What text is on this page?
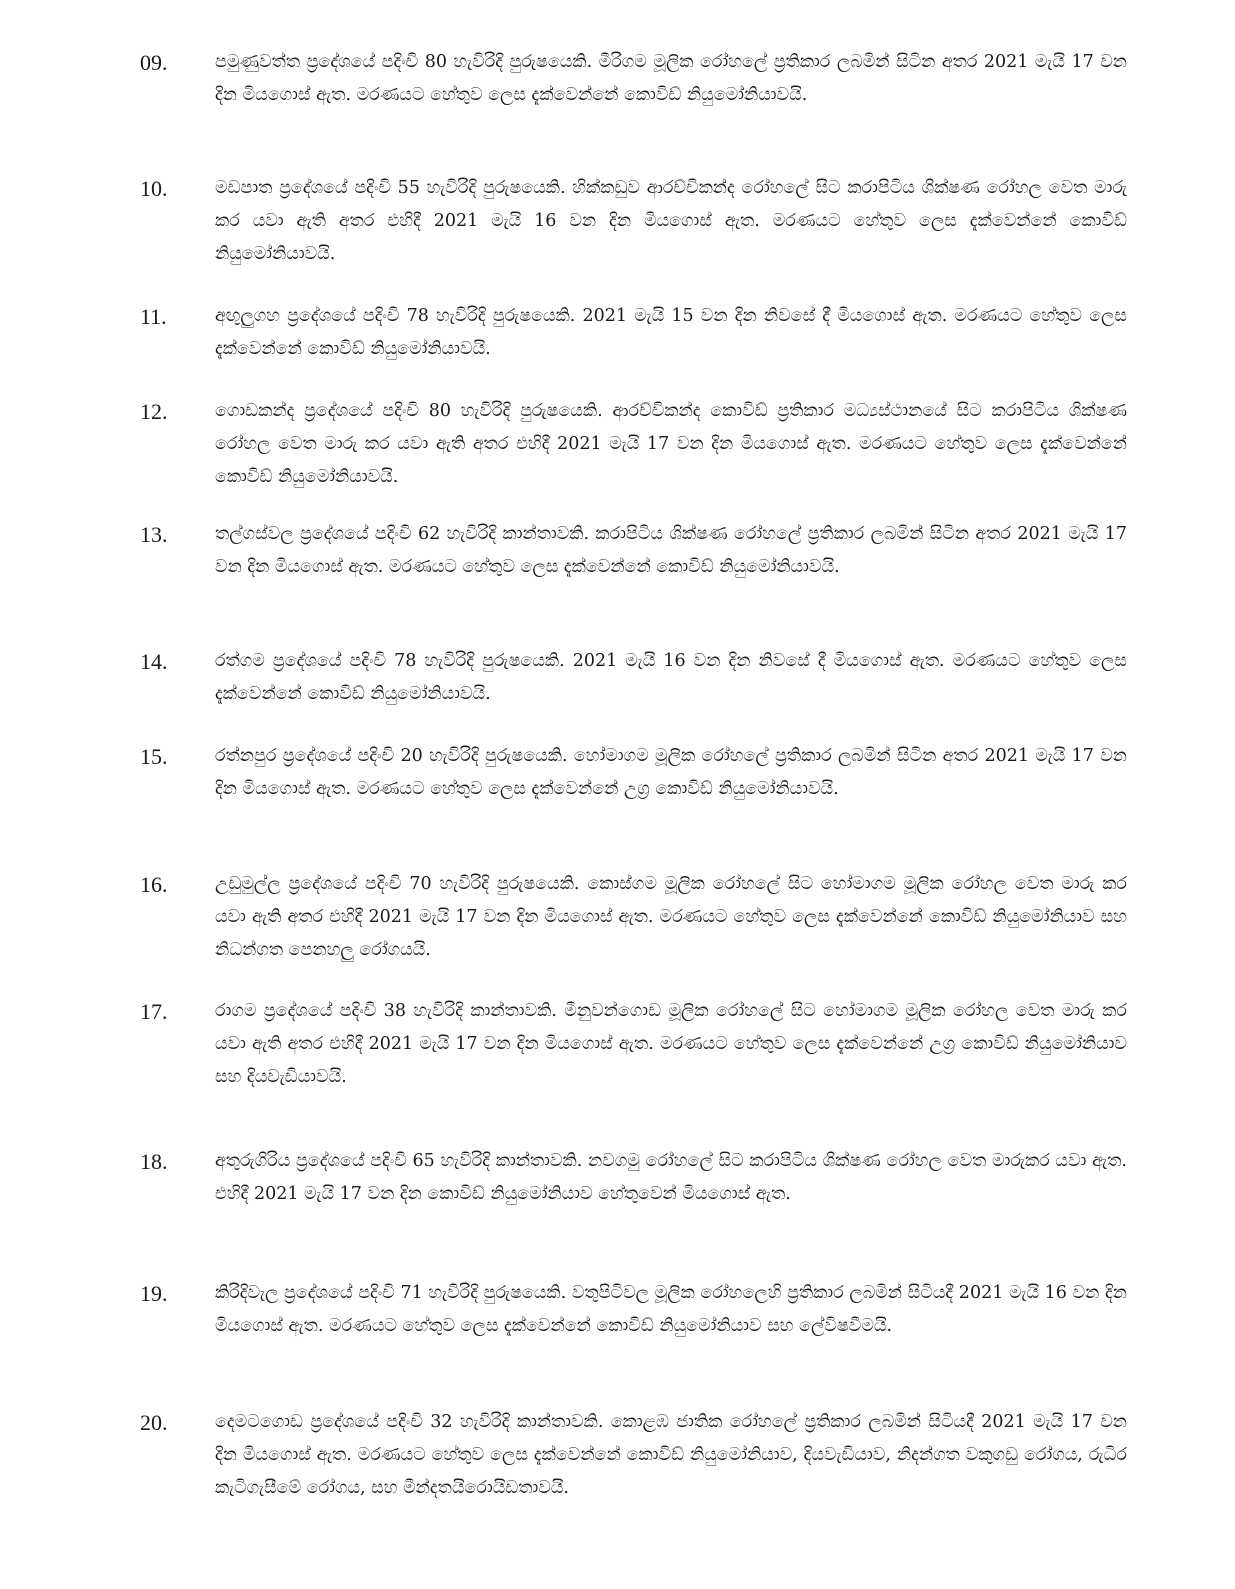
09.	පමුණුවත්ත ප්‍රදේශයේ පදිංචි 80 හැවිරිදි පුරුෂයෙකි. මීරිගම මූලික රෝහලේ ප්‍රතිකාර ලබමින් සිටින අතර 2021 මැයි 17 වන දින මියගොස් ඇත. මරණයට හේතුව ලෙස දැක්වෙන්නේ කොවිඩ් නියුමෝනියාවයි.
10.	මඩපාත ප්‍රදේශයේ පදිංචි 55 හැවිරිදි පුරුෂයෙකි. හික්කඩුව ආරච්චිකන්ද රෝහලේ සිට කරාපිටිය ශික්ෂණ රෝහල වෙත මාරු කර යවා ඇති අතර එහිදී 2021 මැයි 16 වන දින මියගොස් ඇත. මරණයට හේතුව ලෙස දැක්වෙන්නේ කොවිඩ් නියුමෝනියාවයි.
11.	අඟුලුගහ ප්‍රදේශයේ පදිංචි 78 හැවිරිදි පුරුෂයෙකි. 2021 මැයි 15 වන දින නිවසේ දී මියගොස් ඇත. මරණයට හේතුව ලෙස දැක්වෙන්නේ කොවිඩ් නියුමෝනියාවයි.
12.	ගොඩකන්ද ප්‍රදේශයේ පදිංචි 80 හැවිරිදි පුරුෂයෙකි. ආරච්චිකන්ද කොවිඩ් ප්‍රතිකාර මධ්‍යස්ථානයේ සිට කරාපිටිය ශික්ෂණ රෝහල වෙත මාරු කර යවා ඇති අතර එහිදී 2021 මැයි 17 වන දින මියගොස් ඇත. මරණයට හේතුව ලෙස දැක්වෙන්නේ කොවිඩ් නියුමෝනියාවයි.
13.	තල්ගස්වල ප්‍රදේශයේ පදිංචි 62 හැවිරිදි කාන්තාවකි. කරාපිටිය ශික්ෂණ රෝහලේ ප්‍රතිකාර ලබමින් සිටින අතර 2021 මැයි 17 වන දින මියගොස් ඇත. මරණයට හේතුව ලෙස දැක්වෙන්නේ කොවිඩ් නියුමෝනියාවයි.
14.	රත්ගම ප්‍රදේශයේ පදිංචි 78 හැවිරිදි පුරුෂයෙකි. 2021 මැයි 16 වන දින නිවසේ දී මියගොස් ඇත. මරණයට හේතුව ලෙස දැක්වෙන්නේ කොවිඩ් නියුමෝනියාවයි.
15.	රත්නපුර ප්‍රදේශයේ පදිංචි 20 හැවිරිදි පුරුෂයෙකි. හෝමාගම මූලික රෝහලේ ප්‍රතිකාර ලබමින් සිටින අතර 2021 මැයි 17 වන දින මියගොස් ඇත. මරණයට හේතුව ලෙස දැක්වෙන්නේ උග්‍ර කොවිඩ් නියුමෝනියාවයි.
16.	උඩුමුල්ල ප්‍රදේශයේ පදිංචි 70 හැවිරිදි පුරුෂයෙකි. කොස්ගම මූලික රෝහලේ සිට හෝමාගම මූලික රෝහල වෙත මාරු කර යවා ඇති අතර එහිදී 2021 මැයි 17 වන දින මියගොස් ඇත. මරණයට හේතුව ලෙස දැක්වෙන්නේ කොවිඩ් නියුමෝනියාව සහ නිධන්ගත පෙනහලු රෝගයයි.
17.	රාගම ප්‍රදේශයේ පදිංචි 38 හැවිරිදි කාන්තාවකි. මීනුවන්ගොඩ මූලික රෝහලේ සිට හෝමාගම මූලික රෝහල වෙත මාරු කර යවා ඇති අතර එහිදී 2021 මැයි 17 වන දින මියගොස් ඇත. මරණයට හේතුව ලෙස දැක්වෙන්නේ උග්‍ර කොවිඩ් නියුමෝනියාව සහ දියවැඩියාවයි.
18.	අතුරුගිරිය ප්‍රදේශයේ පදිංචි 65 හැවිරිදි කාන්තාවකි. නවගමු රෝහලේ සිට කරාපිටිය ශික්ෂණ රෝහල වෙත මාරුකර යවා ඇත. එහිදී 2021 මැයි 17 වන දින කොවිඩ් නියුමෝනියාව හේතුවෙන් මියගොස් ඇත.
19.	කිරිදිවැල ප්‍රදේශයේ පදිංචි 71 හැවිරිදි පුරුෂයෙකි. වතුපිටිවල මූලික රෝහලෙහි ප්‍රතිකාර ලබමින් සිටියදී 2021 මැයි 16 වන දින මියගොස් ඇත. මරණයට හේතුව ලෙස දැක්වෙන්නේ කොවිඩ් නියුමෝනියාව සහ ලේවිෂවීමයි.
20.	දෙමටගොඩ ප්‍රදේශයේ පදිංචි 32 හැවිරිදි කාන්තාවකි. කොළඹ ජාතික රෝහලේ ප්‍රතිකාර ලබමින් සිටියදී 2021 මැයි 17 වන දින මියගොස් ඇත. මරණයට හේතුව ලෙස දැක්වෙන්නේ කොවිඩ් නියුමෝනියාව, දියවැඩියාව, නිදන්ගත වකුගඩු රෝගය, රුධිර කැටිගැසීමේ රෝගය, සහ මීන්දතයිරොයිඩතාවයි.
